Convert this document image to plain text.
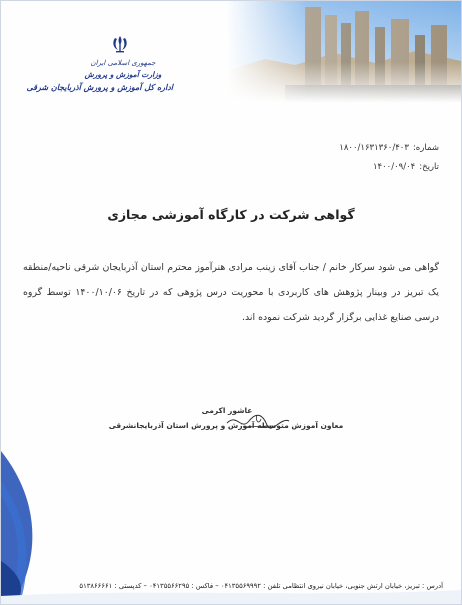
جمهوری اسلامی ایران
وزارت آموزش و پرورش
اداره کل آموزش و پرورش آذربایجان شرقی
شماره:۱۸۰۰/۱۶۳۱۳۶۰/۴۰۳
تاریخ:۱۴۰۰/۰۹/۰۴
گواهی شرکت در کارگاه آموزشی مجازی
گواهی می شود سرکار خانم / جناب آقای زینب مرادی هنرآموز محترم استان آذربایجان شرقی ناحیه/منطقه یک تبریز در وبینار پژوهش های کاربردی با محوریت درس پژوهی که در تاریخ ۱۴۰۰/۱۰/۰۶ توسط گروه درسی صنایع غذایی برگزار گردید شرکت نموده اند.
عاشور اکرمی
معاون آموزش متوسطه آموزش و پرورش استان آذربایجانشرقی
آدرس : تبریز، خیابان ارتش جنوبی، خیابان نیروی انتظامی تلفن : ۰۴۱۳۵۵۶۹۹۹۲ – فاکس : ۰۴۱۳۵۵۶۶۲۹۵ – کدپستی : ۵۱۳۸۶۶۶۶۱
